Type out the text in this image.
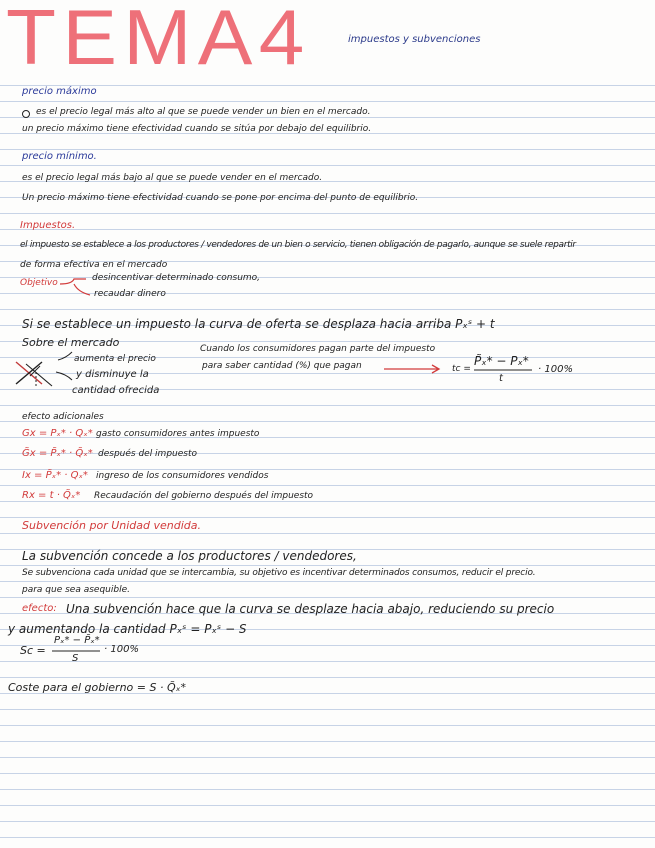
TEMA4	impuestos y subvenciones
precio máximo
es el precio legal más alto al que se puede vender un bien en el mercado.
un precio máximo tiene efectividad cuando se sitúa por debajo del equilibrio.
precio mínimo.
es el precio legal más bajo al que se puede vender en el mercado.
Un precio máximo tiene efectividad cuando se pone por encima del punto de equilibrio.
Impuestos.
el impuesto se establece a los productores / vendedores de un bien o servicio, tienen obligación de pagarlo, aunque se suele repartir
de forma efectiva en el mercado
Objetivo	desincentivar determinado consumo,
recaudar dinero
Si se establece un impuesto la curva de oferta se desplaza hacia arriba Pₓˢ + t
Sobre el mercado
aumenta el precio
y disminuye la
cantidad ofrecida
Cuando los consumidores pagan parte del impuesto
para saber cantidad (%) que pagan	tc =
P̃ₓ* − Pₓ*
t
· 100%
efecto adicionales
Gx = Pₓ* · Qₓ* gasto consumidores antes impuesto
G̃x = P̃ₓ* · Q̃ₓ* después del impuesto
Ix = P̃ₓ* · Qₓ* ingreso de los consumidores vendidos
Rx = t · Q̃ₓ* Recaudación del gobierno después del impuesto
Subvención por Unidad vendida.
La subvención concede a los productores / vendedores,
Se subvenciona cada unidad que se intercambia, su objetivo es incentivar determinados consumos, reducir el precio.
para que sea asequible.
efecto: Una subvención hace que la curva se desplaze hacia abajo, reduciendo su precio
y aumentando la cantidad Pₓˢ = Pₓˢ − S
Sc =
Pₓ* − P̃ₓ*
S
· 100%
Coste para el gobierno = S · Q̃ₓ*
